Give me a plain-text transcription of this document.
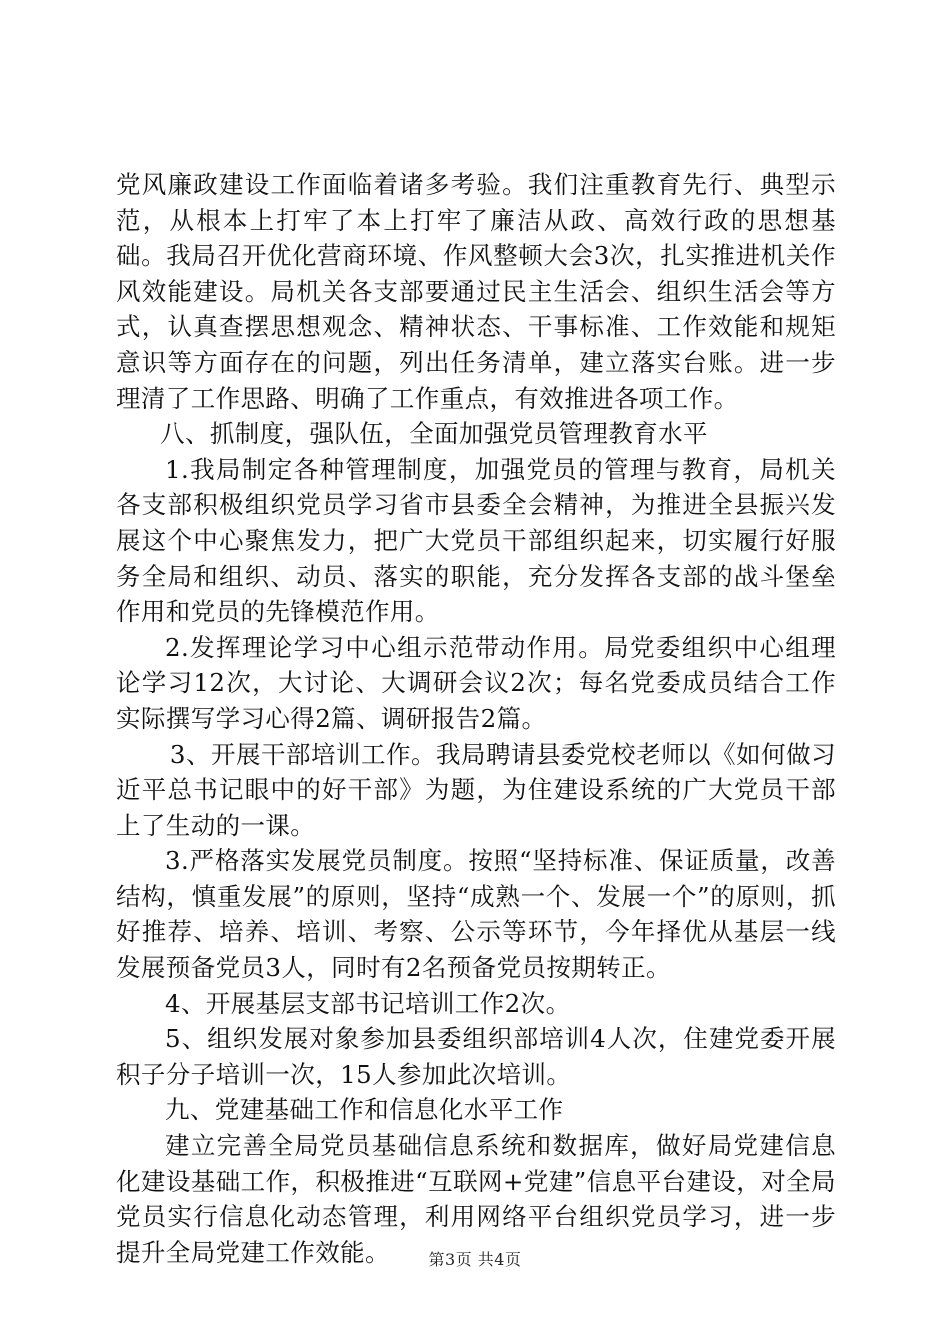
党风廉政建设工作面临着诸多考验。我们注重教育先行、典型示范，从根本上打牢了本上打牢了廉洁从政、高效行政的思想基础。我局召开优化营商环境、作风整顿大会3次，扎实推进机关作风效能建设。局机关各支部要通过民主生活会、组织生活会等方式，认真查摆思想观念、精神状态、干事标准、工作效能和规矩意识等方面存在的问题，列出任务清单，建立落实台账。进一步理清了工作思路、明确了工作重点，有效推进各项工作。

八、抓制度，强队伍，全面加强党员管理教育水平

1.我局制定各种管理制度，加强党员的管理与教育，局机关各支部积极组织党员学习省市县委全会精神，为推进全县振兴发展这个中心聚焦发力，把广大党员干部组织起来，切实履行好服务全局和组织、动员、落实的职能，充分发挥各支部的战斗堡垒作用和党员的先锋模范作用。

2.发挥理论学习中心组示范带动作用。局党委组织中心组理论学习12次，大讨论、大调研会议2次；每名党委成员结合工作实际撰写学习心得2篇、调研报告2篇。

3、开展干部培训工作。我局聘请县委党校老师以《如何做习近平总书记眼中的好干部》为题，为住建设系统的广大党员干部上了生动的一课。

3.严格落实发展党员制度。按照“坚持标准、保证质量，改善结构，慎重发展”的原则，坚持“成熟一个、发展一个”的原则，抓好推荐、培养、培训、考察、公示等环节，今年择优从基层一线发展预备党员3人，同时有2名预备党员按期转正。

4、开展基层支部书记培训工作2次。

5、组织发展对象参加县委组织部培训4人次，住建党委开展积子分子培训一次，15人参加此次培训。

九、党建基础工作和信息化水平工作

建立完善全局党员基础信息系统和数据库，做好局党建信息化建设基础工作，积极推进“互联网+党建”信息平台建设，对全局党员实行信息化动态管理，利用网络平台组织党员学习，进一步提升全局党建工作效能。	第3页 共4页
